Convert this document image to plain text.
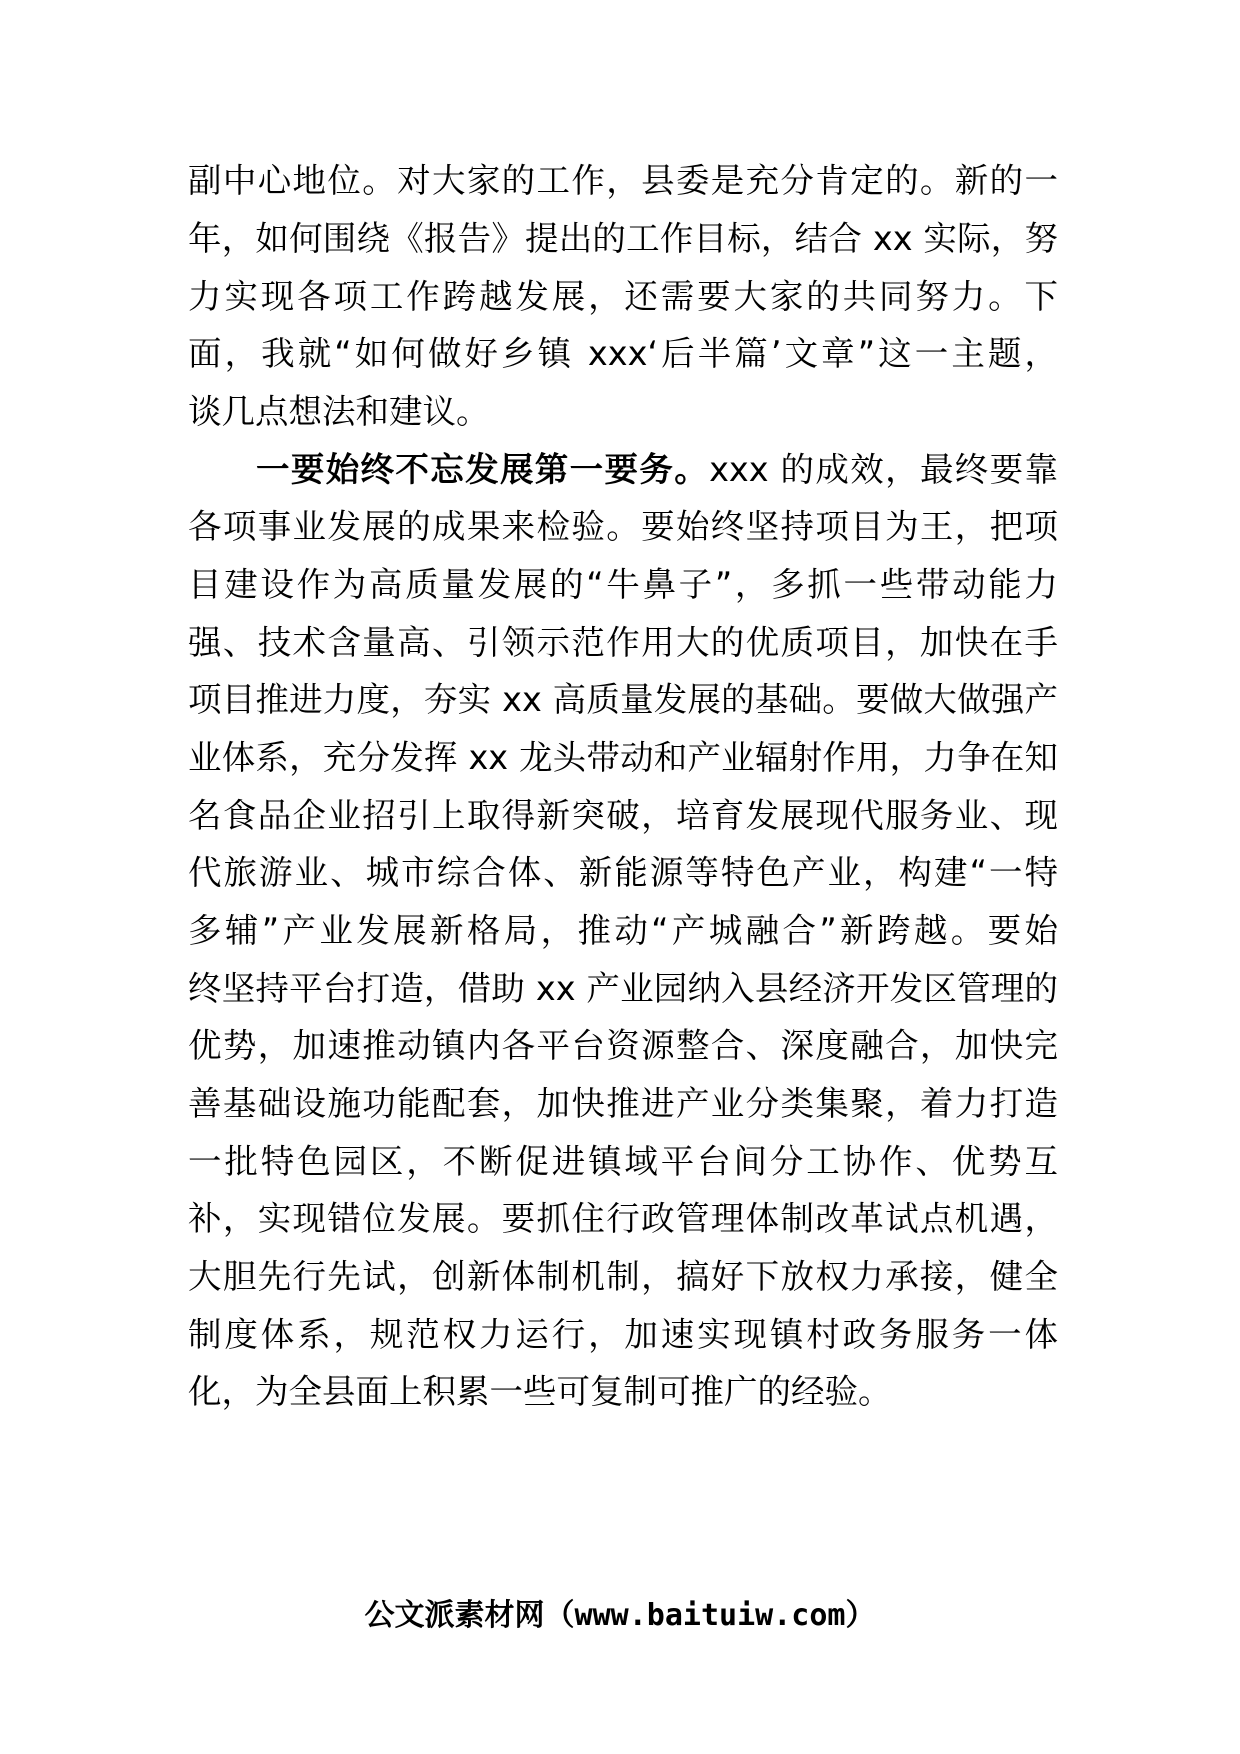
副中心地位。对大家的工作，县委是充分肯定的。新的一
年，如何围绕《报告》提出的工作目标，结合 xx 实际，努
力实现各项工作跨越发展，还需要大家的共同努力。下
面，我就“如何做好乡镇 xxx‘后半篇’文章”这一主题，
谈几点想法和建议。
一要始终不忘发展第一要务。xxx 的成效，最终要靠
各项事业发展的成果来检验。要始终坚持项目为王，把项
目建设作为高质量发展的“牛鼻子”，多抓一些带动能力
强、技术含量高、引领示范作用大的优质项目，加快在手
项目推进力度，夯实 xx 高质量发展的基础。要做大做强产
业体系，充分发挥 xx 龙头带动和产业辐射作用，力争在知
名食品企业招引上取得新突破，培育发展现代服务业、现
代旅游业、城市综合体、新能源等特色产业，构建“一特
多辅”产业发展新格局，推动“产城融合”新跨越。要始
终坚持平台打造，借助 xx 产业园纳入县经济开发区管理的
优势，加速推动镇内各平台资源整合、深度融合，加快完
善基础设施功能配套，加快推进产业分类集聚，着力打造
一批特色园区，不断促进镇域平台间分工协作、优势互
补，实现错位发展。要抓住行政管理体制改革试点机遇，
大胆先行先试，创新体制机制，搞好下放权力承接，健全
制度体系，规范权力运行，加速实现镇村政务服务一体
化，为全县面上积累一些可复制可推广的经验。
公文派素材网（www.baituiw.com）
